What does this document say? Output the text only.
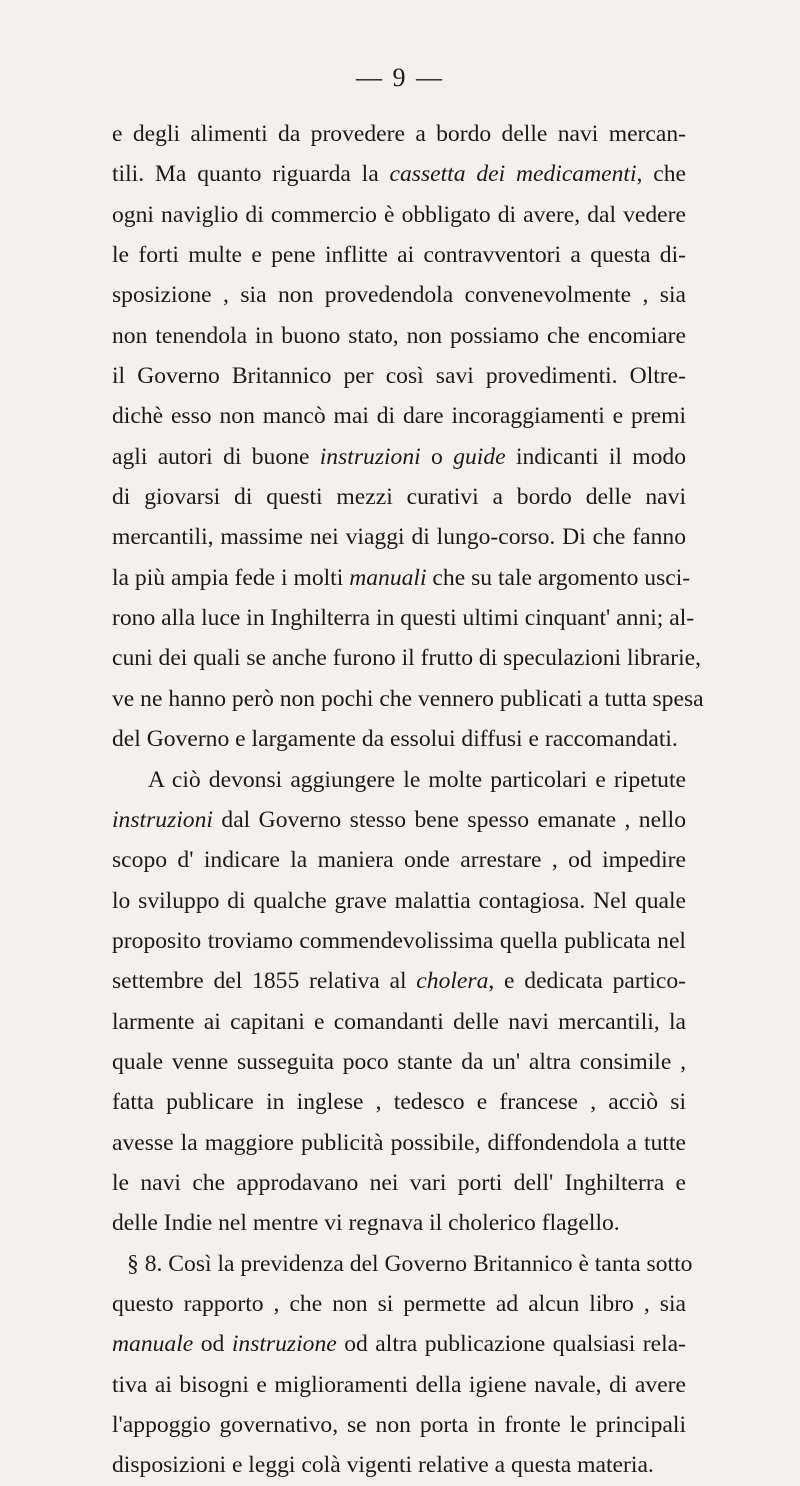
— 9 —
e degli alimenti da provedere a bordo delle navi mercan-
tili. Ma quanto riguarda la cassetta dei medicamenti, che
ogni naviglio di commercio è obbligato di avere, dal vedere
le forti multe e pene inflitte ai contravventori a questa di-
sposizione , sia non provedendola convenevolmente , sia
non tenendola in buono stato, non possiamo che encomiare
il Governo Britannico per così savi provedimenti. Oltre-
dichè esso non mancò mai di dare incoraggiamenti e premi
agli autori di buone instruzioni o guide indicanti il modo
di giovarsi di questi mezzi curativi a bordo delle navi
mercantili, massime nei viaggi di lungo-corso. Di che fanno
la più ampia fede i molti manuali che su tale argomento usci-
rono alla luce in Inghilterra in questi ultimi cinquant' anni; al-
cuni dei quali se anche furono il frutto di speculazioni librarie,
ve ne hanno però non pochi che vennero publicati a tutta spesa
del Governo e largamente da essolui diffusi e raccomandati.
A ciò devonsi aggiungere le molte particolari e ripetute
instruzioni dal Governo stesso bene spesso emanate , nello
scopo d' indicare la maniera onde arrestare , od impedire
lo sviluppo di qualche grave malattia contagiosa. Nel quale
proposito troviamo commendevolissima quella publicata nel
settembre del 1855 relativa al cholera, e dedicata partico-
larmente ai capitani e comandanti delle navi mercantili, la
quale venne susseguita poco stante da un' altra consimile ,
fatta publicare in inglese , tedesco e francese , acciò si
avesse la maggiore publicità possibile, diffondendola a tutte
le navi che approdavano nei vari porti dell' Inghilterra e
delle Indie nel mentre vi regnava il cholerico flagello.
§ 8. Così la previdenza del Governo Britannico è tanta sotto
questo rapporto , che non si permette ad alcun libro , sia
manuale od instruzione od altra publicazione qualsiasi rela-
tiva ai bisogni e miglioramenti della igiene navale, di avere
l'appoggio governativo, se non porta in fronte le principali
disposizioni e leggi colà vigenti relative a questa materia.
